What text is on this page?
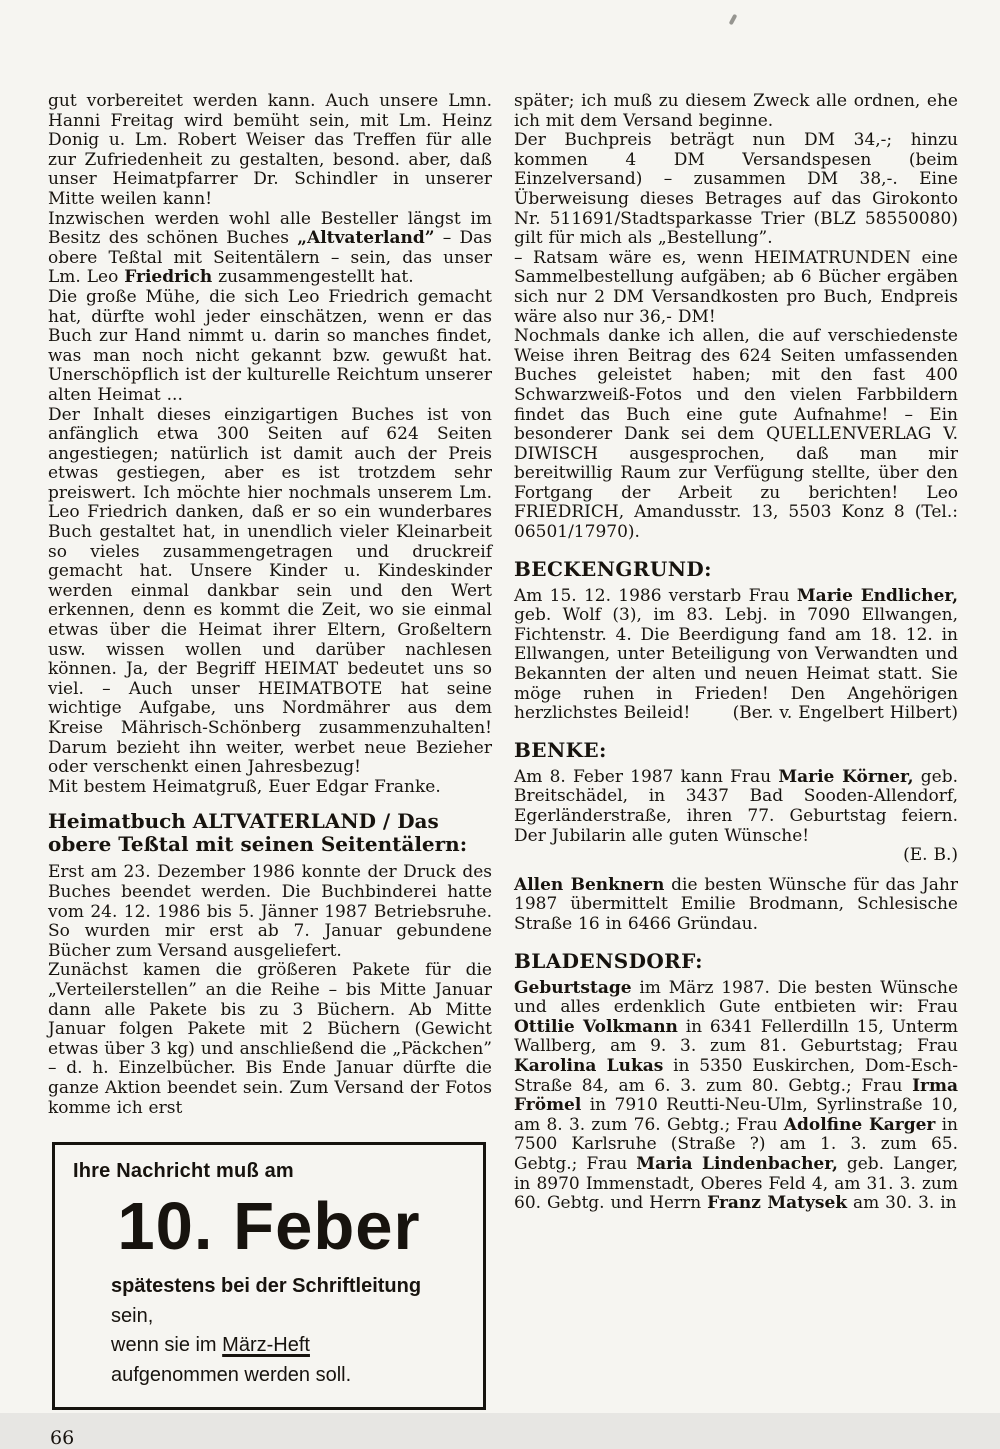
gut vorbereitet werden kann. Auch unsere Lmn. Hanni Freitag wird bemüht sein, mit Lm. Heinz Donig u. Lm. Robert Weiser das Treffen für alle zur Zufriedenheit zu gestalten, besond. aber, daß unser Heimatpfarrer Dr. Schindler in unserer Mitte weilen kann!

Inzwischen werden wohl alle Besteller längst im Besitz des schönen Buches „Altvaterland” – Das obere Teßtal mit Seitentälern – sein, das unser Lm. Leo Friedrich zusammengestellt hat.

Die große Mühe, die sich Leo Friedrich gemacht hat, dürfte wohl jeder einschätzen, wenn er das Buch zur Hand nimmt u. darin so manches findet, was man noch nicht gekannt bzw. gewußt hat. Unerschöpflich ist der kulturelle Reichtum unserer alten Heimat ...

Der Inhalt dieses einzigartigen Buches ist von anfänglich etwa 300 Seiten auf 624 Seiten angestiegen; natürlich ist damit auch der Preis etwas gestiegen, aber es ist trotzdem sehr preiswert. Ich möchte hier nochmals unserem Lm. Leo Friedrich danken, daß er so ein wunderbares Buch gestaltet hat, in unendlich vieler Kleinarbeit so vieles zusammengetragen und druckreif gemacht hat. Unsere Kinder u. Kindeskinder werden einmal dankbar sein und den Wert erkennen, denn es kommt die Zeit, wo sie einmal etwas über die Heimat ihrer Eltern, Großeltern usw. wissen wollen und darüber nachlesen können. Ja, der Begriff HEIMAT bedeutet uns so viel. – Auch unser HEIMATBOTE hat seine wichtige Aufgabe, uns Nordmährer aus dem Kreise Mährisch-Schönberg zusammenzuhalten! Darum bezieht ihn weiter, werbet neue Bezieher oder verschenkt einen Jahresbezug!

Mit bestem Heimatgruß, Euer Edgar Franke.

Heimatbuch ALTVATERLAND / Das obere Teßtal mit seinen Seitentälern:

Erst am 23. Dezember 1986 konnte der Druck des Buches beendet werden. Die Buchbinderei hatte vom 24. 12. 1986 bis 5. Jänner 1987 Betriebsruhe. So wurden mir erst ab 7. Januar gebundene Bücher zum Versand ausgeliefert.

Zunächst kamen die größeren Pakete für die „Verteilerstellen” an die Reihe – bis Mitte Januar dann alle Pakete bis zu 3 Büchern. Ab Mitte Januar folgen Pakete mit 2 Büchern (Gewicht etwas über 3 kg) und anschließend die „Päckchen” – d. h. Einzelbücher. Bis Ende Januar dürfte die ganze Aktion beendet sein. Zum Versand der Fotos komme ich erst

Ihre Nachricht muß am
10. Feber
spätestens bei der Schriftleitung sein,
wenn sie im März-Heft
aufgenommen werden soll.
66

später; ich muß zu diesem Zweck alle ordnen, ehe ich mit dem Versand beginne.

Der Buchpreis beträgt nun DM 34,-; hinzu kommen 4 DM Versandspesen (beim Einzelversand) – zusammen DM 38,-. Eine Überweisung dieses Betrages auf das Girokonto Nr. 511691/Stadtsparkasse Trier (BLZ 58550080) gilt für mich als „Bestellung”.

– Ratsam wäre es, wenn HEIMATRUNDEN eine Sammelbestellung aufgäben; ab 6 Bücher ergäben sich nur 2 DM Versandkosten pro Buch, Endpreis wäre also nur 36,- DM!

Nochmals danke ich allen, die auf verschiedenste Weise ihren Beitrag des 624 Seiten umfassenden Buches geleistet haben; mit den fast 400 Schwarzweiß-Fotos und den vielen Farbbildern findet das Buch eine gute Aufnahme! – Ein besonderer Dank sei dem QUELLENVERLAG V. DIWISCH ausgesprochen, daß man mir bereitwillig Raum zur Verfügung stellte, über den Fortgang der Arbeit zu berichten! Leo FRIEDRICH, Amandusstr. 13, 5503 Konz 8 (Tel.: 06501/17970).

BECKENGRUND:

Am 15. 12. 1986 verstarb Frau Marie Endlicher, geb. Wolf (3), im 83. Lebj. in 7090 Ellwangen, Fichtenstr. 4. Die Beerdigung fand am 18. 12. in Ellwangen, unter Beteiligung von Verwandten und Bekannten der alten und neuen Heimat statt. Sie möge ruhen in Frieden! Den Angehörigen herzlichstes Beileid! (Ber. v. Engelbert Hilbert)

BENKE:

Am 8. Feber 1987 kann Frau Marie Körner, geb. Breitschädel, in 3437 Bad Sooden-Allendorf, Egerländerstraße, ihren 77. Geburtstag feiern. Der Jubilarin alle guten Wünsche!
(E. B.)

Allen Benknern die besten Wünsche für das Jahr 1987 übermittelt Emilie Brodmann, Schlesische Straße 16 in 6466 Gründau.

BLADENSDORF:

Geburtstage im März 1987. Die besten Wünsche und alles erdenklich Gute entbieten wir: Frau Ottilie Volkmann in 6341 Fellerdilln 15, Unterm Wallberg, am 9. 3. zum 81. Geburtstag; Frau Karolina Lukas in 5350 Euskirchen, Dom-Esch-Straße 84, am 6. 3. zum 80. Gebtg.; Frau Irma Frömel in 7910 Reutti-Neu-Ulm, Syrlinstraße 10, am 8. 3. zum 76. Gebtg.; Frau Adolfine Karger in 7500 Karlsruhe (Straße ?) am 1. 3. zum 65. Gebtg.; Frau Maria Lindenbacher, geb. Langer, in 8970 Immenstadt, Oberes Feld 4, am 31. 3. zum 60. Gebtg. und Herrn Franz Matysek am 30. 3. in
